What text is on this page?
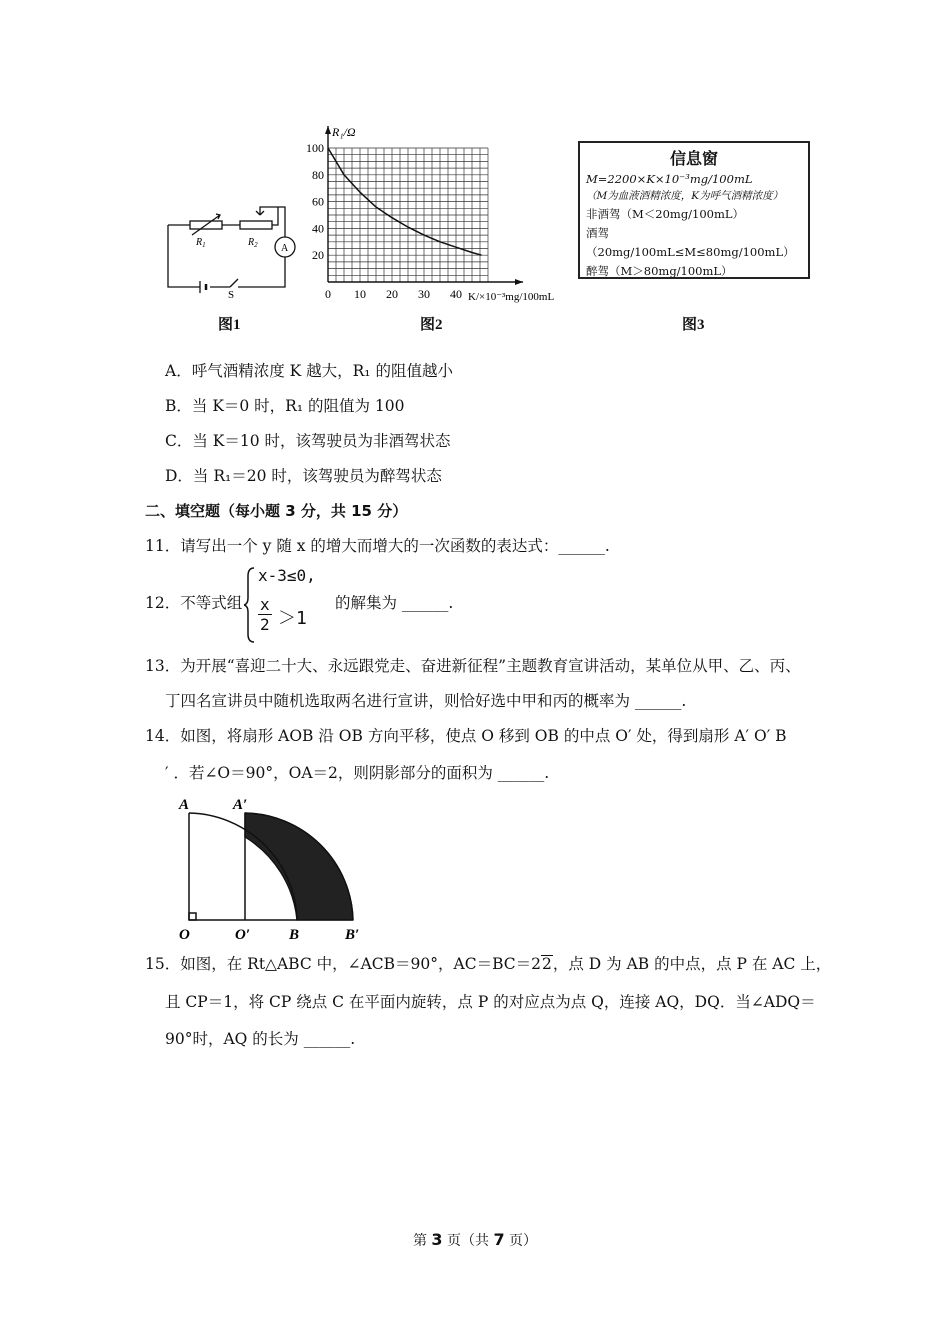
$R_1$	$R_2$ A
S
图1
0 10 20 30 40
20
40
60
80
100
R₁/Ω
K/×10⁻³mg/100mL
图2
信息窗
M=2200×K×10⁻³mg/100mL
（M为血液酒精浓度，K为呼气酒精浓度）
非酒驾（M＜20mg/100mL）
酒驾（20mg/100mL≤M≤80mg/100mL）
醉驾（M＞80mg/100mL）
图3
A．呼气酒精浓度 K 越大，R₁ 的阻值越小
B．当 K＝0 时，R₁ 的阻值为 100
C．当 K＝10 时，该驾驶员为非酒驾状态
D．当 R₁＝20 时，该驾驶员为醉驾状态
二、填空题（每小题 3 分，共 15 分）
11．请写出一个 y 随 x 的增大而增大的一次函数的表达式：______.
12．不等式组
x-3≤0,
$\frac{x}{2} >1$
的解集为 ______.
13．为开展“喜迎二十大、永远跟党走、奋进新征程”主题教育宣讲活动，某单位从甲、乙、丙、
丁四名宣讲员中随机选取两名进行宣讲，则恰好选中甲和丙的概率为 ______.
14．如图，将扇形 AOB 沿 OB 方向平移，使点 O 移到 OB 的中点 O′ 处，得到扇形 A′ O′ B
′ ．若∠O＝90°，OA＝2，则阴影部分的面积为 ______.
A	A′
O	O′	B	B′
15．如图，在 Rt△ABC 中，∠ACB＝90°，AC＝BC＝22，点 D 为 AB 的中点，点 P 在 AC 上，
且 CP＝1，将 CP 绕点 C 在平面内旋转，点 P 的对应点为点 Q，连接 AQ，DQ．当∠ADQ＝
90°时，AQ 的长为 ______.
第 3 页（共 7 页）
